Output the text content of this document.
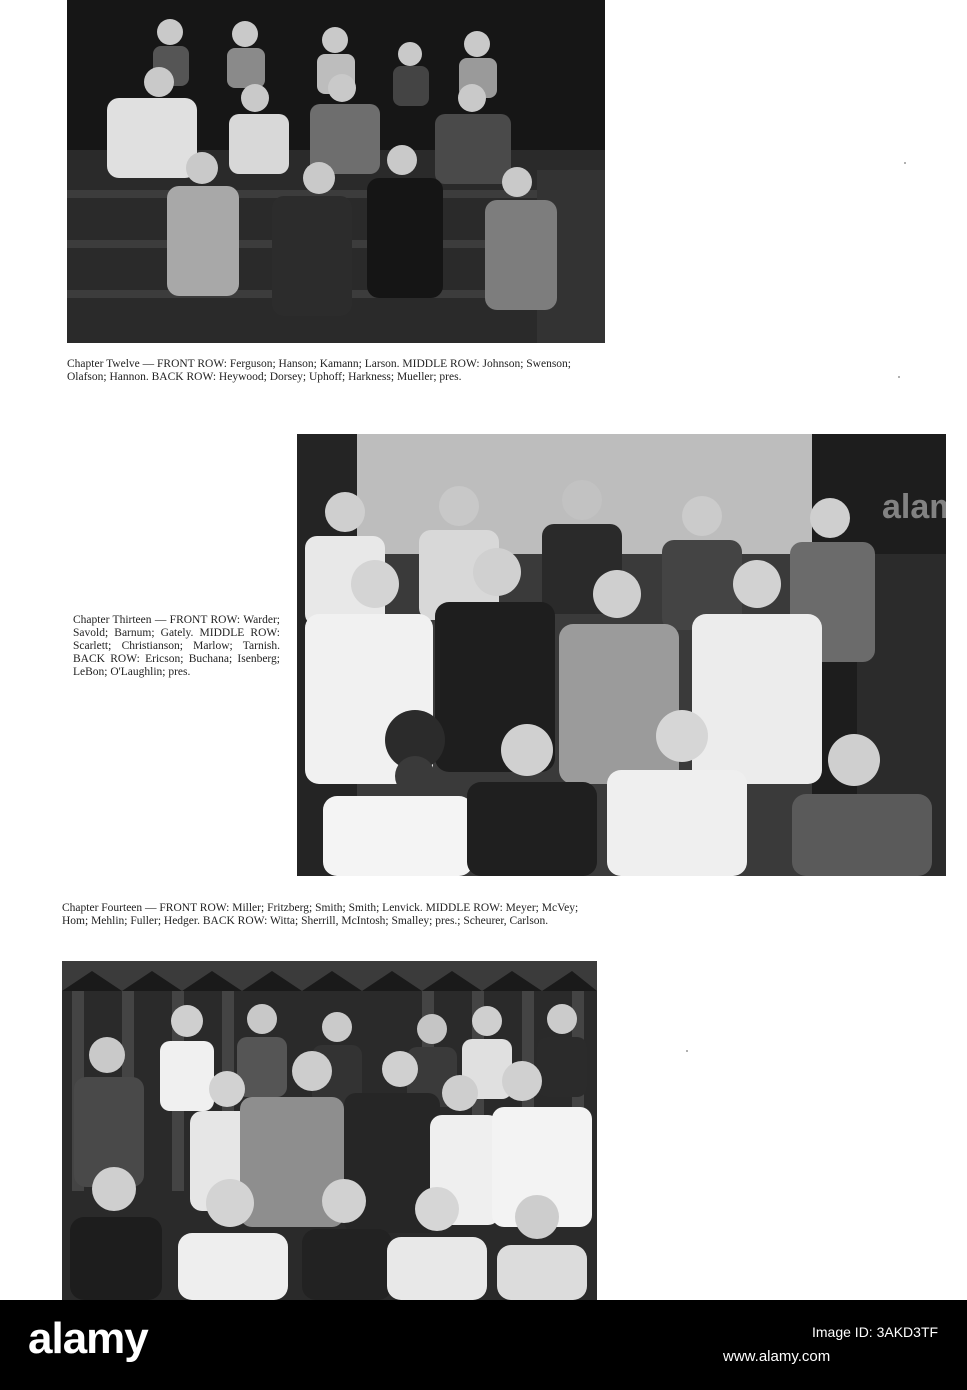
Chapter Twelve — FRONT ROW: Ferguson; Hanson; Kamann; Larson. MIDDLE ROW: Johnson; Swenson; Olafson; Hannon. BACK ROW: Heywood; Dorsey; Uphoff; Harkness; Mueller; pres.
alam
Chapter Thirteen — FRONT ROW: Warder; Savold; Barnum; Gately. MIDDLE ROW: Scarlett; Christianson; Marlow; Tarnish. BACK ROW: Ericson; Buchana; Isenberg; LeBon; O'Laughlin; pres.
Chapter Fourteen — FRONT ROW: Miller; Fritzberg; Smith; Smith; Lenvick. MIDDLE ROW: Meyer; McVey; Hom; Mehlin; Fuller; Hedger. BACK ROW: Witta; Sherrill, McIntosh; Smalley; pres.; Scheurer, Carlson.
alamy	Image ID: 3AKD3TF
www.alamy.com
